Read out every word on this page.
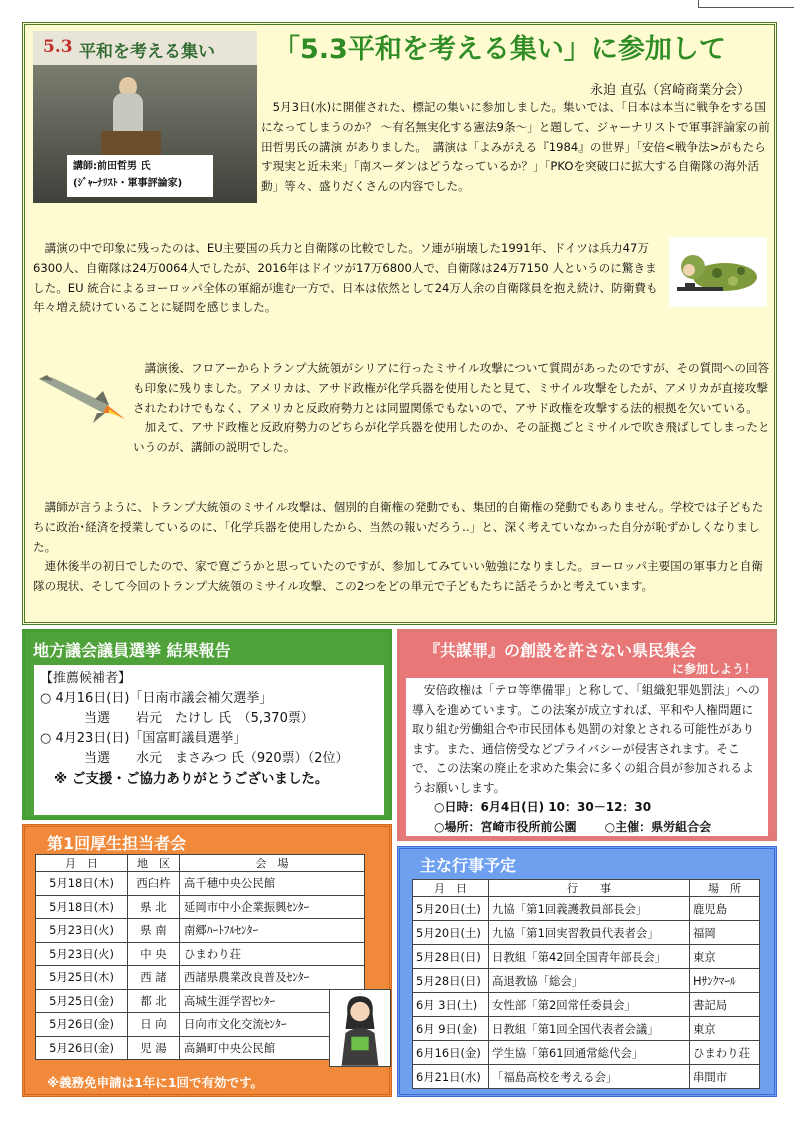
5.3 平和を考える集い
講師:前田哲男 氏
(ｼﾞｬｰﾅﾘｽﾄ・軍事評論家)
「5.3平和を考える集い」に参加して
永迫 直弘（宮崎商業分会）

5月3日(水)に開催された、標記の集いに参加しました。集いでは、「日本は本当に戦争をする国になってしまうのか？ 〜有名無実化する憲法9条〜」と題して、ジャーナリストで軍事評論家の前田哲男氏の講演 がありました。　講演は「よみがえる『1984』の世界」「安倍<戦争法>がもたらす現実と近未来」「南スーダンはどうなっているか？」「PKOを突破口に拡大する自衛隊の海外活動」等々、盛りだくさんの内容でした。

講演の中で印象に残ったのは、EU主要国の兵力と自衛隊の比較でした。ソ連が崩壊した1991年、ドイツは兵力47万6300人、自衛隊は24万0064人でしたが、2016年はドイツが17万6800人で、自衛隊は24万7150 人というのに驚きました。EU 統合によるヨーロッパ全体の軍縮が進む一方で、日本は依然として24万人余の自衛隊員を抱え続け、防衛費も年々増え続けていることに疑問を感じました。

講演後、フロアーからトランプ大統領がシリアに行ったミサイル攻撃について質問があったのですが、その質問への回答も印象に残りました。アメリカは、アサド政権が化学兵器を使用したと見て、ミサイル攻撃をしたが、アメリカが直接攻撃されたわけでもなく、アメリカと反政府勢力とは同盟関係でもないので、アサド政権を攻撃する法的根拠を欠いている。

加えて、アサド政権と反政府勢力のどちらが化学兵器を使用したのか、その証拠ごとミサイルで吹き飛ばしてしまったというのが、講師の説明でした。

講師が言うように、トランプ大統領のミサイル攻撃は、個別的自衛権の発動でも、集団的自衛権の発動でもありません。学校では子どもたちに政治･経済を授業しているのに、「化学兵器を使用したから、当然の報いだろう‥」と、深く考えていなかった自分が恥ずかしくなりました。

連休後半の初日でしたので、家で寛ごうかと思っていたのですが、参加してみていい勉強になりました。ヨーロッパ主要国の軍事力と自衛隊の現状、そして今回のトランプ大統領のミサイル攻撃、この2つをどの単元で子どもたちに話そうかと考えています。

地方議会議員選挙 結果報告
【推薦候補者】
○ 4月16日(日)「日南市議会補欠選挙」
当選　　岩元　たけし 氏　（5,370票）
○ 4月23日(日)「国富町議員選挙」
当選　　水元　まさみつ 氏（920票）（2位）
※ ご支援・ご協力ありがとうございました。
『共謀罪』の創設を許さない県民集会
に参加しよう！

安倍政権は「テロ等準備罪」と称して、「組織犯罪処罰法」への導入を進めています。この法案が成立すれば、平和や人権問題に取り組む労働組合や市民団体も処罰の対象とされる可能性があります。また、通信傍受などプライバシーが侵害されます。そこで、この法案の廃止を求めた集会に多くの組合員が参加されるようお願いします。

○日時：6月4日(日) 10：30－12：30
○場所：宮崎市役所前公園 ○主催：県労組合会
第1回厚生担当者会
月　日	地　区	会　場
5月18日(木)	西臼杵	高千穂中央公民館
5月18日(木)	県 北	延岡市中小企業振興ｾﾝﾀｰ
5月23日(火)	県 南	南郷ﾊｰﾄﾌﾙｾﾝﾀｰ
5月23日(火)	中 央	ひまわり荘
5月25日(木)	西 諸	西諸県農業改良普及ｾﾝﾀｰ
5月25日(金)	都 北	高城生涯学習ｾﾝﾀｰ
5月26日(金)	日 向	日向市文化交流ｾﾝﾀｰ
5月26日(金)	児 湯	高鍋町中央公民館
※義務免申請は1年に1回で有効です。
主な行事予定
月　日	行　　事	場　所
5月20日(土)	九協「第1回義護教員部長会」	鹿児島
5月20日(土)	九協「第1回実習教員代表者会」	福岡
5月28日(日)	日教組「第42回全国青年部長会」	東京
5月28日(日)	高退教協「総会」	Hｻﾝｸﾏｰﾙ
6月 3日(土)	女性部「第2回常任委員会」	書記局
6月 9日(金)	日教組「第1回全国代表者会議」	東京
6月16日(金)	学生協「第61回通常総代会」	ひまわり荘
6月21日(水)	「福島高校を考える会」	串間市
